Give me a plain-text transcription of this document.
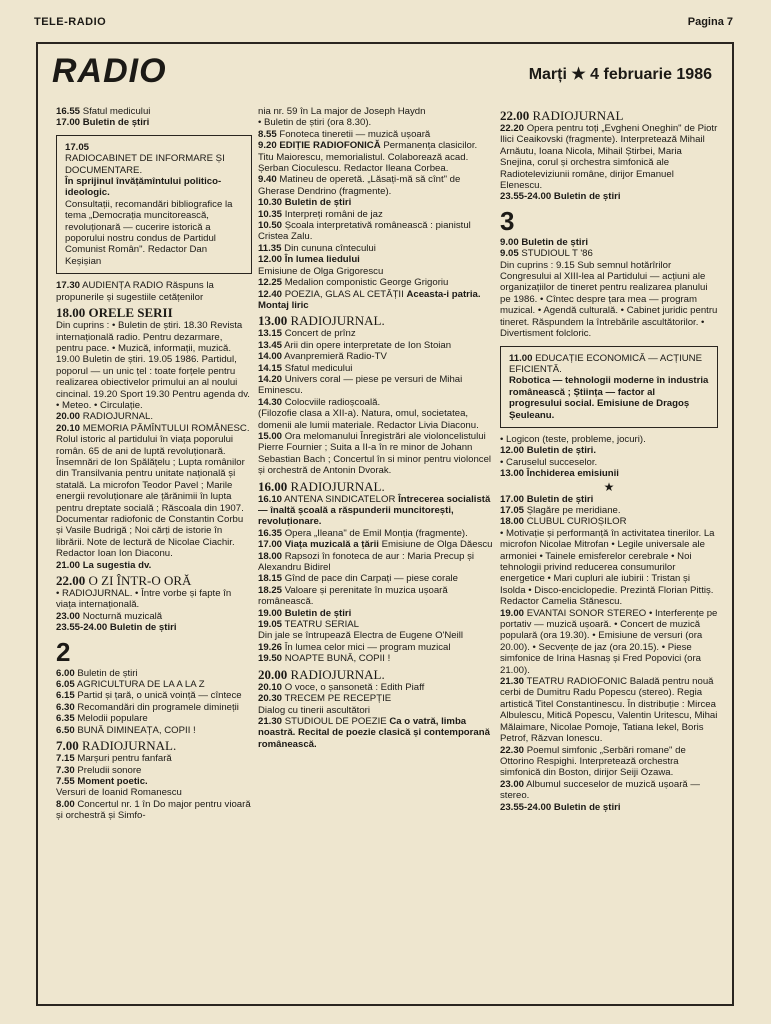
TELE-RADIO	Pagina 7
RADIO	Marți ★ 4 februarie 1986
16.55 Sfatul medicului
17.00 Buletin de știri
17.05
RADIOCABINET DE INFORMARE ȘI DOCUMENTARE.
În sprijinul învățămîntului politico-ideologic.
Consultații, recomandări bibliografice la tema „Democrația muncitorească, revoluționară — cucerire istorică a poporului nostru condus de Partidul Comunist Român". Redactor Dan Keșișian
17.30 AUDIENȚA RADIO Răspuns la propunerile și sugestiile cetățenilor
18.00 ORELE SERII
Din cuprins : • Buletin de știri. 18.30 Revista internațională radio. Pentru dezarmare, pentru pace. • Muzică, informații, muzică. 19.00 Buletin de știri. 19.05 1986. Partidul, poporul — un unic țel : toate forțele pentru realizarea obiectivelor primului an al noului cincinal. 19.20 Sport 19.30 Pentru agenda dv. • Meteo. • Circulație.
20.00 RADIOJURNAL.
20.10 MEMORIA PĂMÎNTULUI ROMÂNESC. Rolul istoric al partidului în viața poporului român. 65 de ani de luptă revoluționară. Însemnări de Ion Spălățelu ; Lupta românilor din Transilvania pentru unitate națională și statală. La microfon Teodor Pavel ; Marile energii revoluționare ale țărănimii în lupta pentru dreptate socială ; Răscoala din 1907. Documentar radiofonic de Constantin Corbu și Vasile Budrigă ; Noi cărți de istorie în librării. Note de lectură de Nicolae Ciachir. Redactor Ioan Ion Diaconu.
21.00 La sugestia dv.
22.00 O ZI ÎNTR-O ORĂ
• RADIOJURNAL. • Între vorbe și fapte în viața internațională.
23.00 Nocturnă muzicală
23.55-24.00 Buletin de știri
2
6.00 Buletin de știri
6.05 AGRICULTURA DE LA A LA Z
6.15 Partid și țară, o unică voință — cîntece
6.30 Recomandări din programele dimineții
6.35 Melodii populare
6.50 BUNĂ DIMINEAȚA, COPII !
7.00 RADIOJURNAL.
7.15 Marșuri pentru fanfară
7.30 Preludii sonore
7.55 Moment poetic.
Versuri de Ioanid Romanescu
8.00 Concertul nr. 1 în Do major pentru vioară și orchestră și Simfo-
nia nr. 59 în La major de Joseph Haydn
• Buletin de știri (ora 8.30).
8.55 Fonoteca tineretii — muzică ușoară
9.20 EDIȚIE RADIOFONICĂ Permanența clasicilor. Titu Maiorescu, memorialistul. Colaborează acad. Șerban Cioculescu. Redactor Ileana Corbea.
9.40 Matineu de operetă. „Lăsați-mă să cînt" de Gherase Dendrino (fragmente).
10.30 Buletin de știri
10.35 Interpreți români de jaz
10.50 Școala interpretativă românească : pianistul Cristea Zalu.
11.35 Din cununa cîntecului
12.00 În lumea liedului
Emisiune de Olga Grigorescu
12.25 Medalion componistic George Grigoriu
12.40 POEZIA, GLAS AL CETĂȚII Aceasta-i patria. Montaj liric
13.00 RADIOJURNAL.
13.15 Concert de prînz
13.45 Arii din opere interpretate de Ion Stoian
14.00 Avanpremieră Radio-TV
14.15 Sfatul medicului
14.20 Univers coral — piese pe versuri de Mihai Eminescu.
14.30 Colocviile radioșcoală.
(Filozofie clasa a XII-a). Natura, omul, societatea, domenii ale lumii materiale. Redactor Livia Diaconu.
15.00 Ora melomanului Înregistrări ale violoncelistului Pierre Fournier ; Suita a II-a în re minor de Johann Sebastian Bach ; Concertul în si minor pentru violoncel și orchestră de Antonin Dvorak.
16.00 RADIOJURNAL.
16.10 ANTENA SINDICATELOR Întrecerea socialistă — înaltă școală a răspunderii muncitorești, revoluționare.
16.35 Opera „Ileana" de Emil Monția (fragmente).
17.00 Viața muzicală a țării Emisiune de Olga Dăescu
18.00 Rapsozi în fonoteca de aur : Maria Precup și Alexandru Bidirel
18.15 Gînd de pace din Carpați — piese corale
18.25 Valoare și perenitate în muzica ușoară românească.
19.00 Buletin de știri
19.05 TEATRU SERIAL
Din jale se întrupează Electra de Eugene O'Neill
19.26 În lumea celor mici — program muzical
19.50 NOAPTE BUNĂ, COPII !
20.00 RADIOJURNAL.
20.10 O voce, o șansonetă : Edith Piaff
20.30 TRECEM PE RECEPȚIE
Dialog cu tinerii ascultători
21.30 STUDIOUL DE POEZIE Ca o vatră, limba noastră. Recital de poezie clasică și contemporană românească.
22.00 RADIOJURNAL
22.20 Opera pentru toți „Evgheni Oneghin" de Piotr Ilici Ceaikovski (fragmente). Interpretează Mihail Arnăutu, Ioana Nicola, Mihail Știrbei, Maria Snejina, corul și orchestra simfonică ale Radioteleviziunii române, dirijor Emanuel Elenescu.
23.55-24.00 Buletin de știri
3
9.00 Buletin de știri
9.05 STUDIOUL T '86
Din cuprins : 9.15 Sub semnul hotărîrilor Congresului al XIII-lea al Partidului — acțiuni ale organizațiilor de tineret pentru realizarea planului pe 1986. • Cîntec despre țara mea — program muzical. • Agendă culturală. • Cabinet juridic pentru tineret. Răspundem la întrebările ascultătorilor. • Divertisment folcloric.
11.00 EDUCAȚIE ECONOMICĂ — ACȚIUNE EFICIENTĂ.
Robotica — tehnologii moderne în industria românească ; Știința — factor al progresului social. Emisiune de Dragoș Șeuleanu.
• Logicon (teste, probleme, jocuri).
12.00 Buletin de știri.
• Caruselul succeselor.
13.00 Închiderea emisiunii
★
17.00 Buletin de știri
17.05 Șlagăre pe meridiane.
18.00 CLUBUL CURIOȘILOR
• Motivație și performanță în activitatea tinerilor. La microfon Nicolae Mitrofan • Legile universale ale armoniei • Tainele emisferelor cerebrale • Noi tehnologii privind reducerea consumurilor energetice • Mari cupluri ale iubirii : Tristan și Isolda • Disco-enciclopedie. Prezintă Florian Pittiș. Redactor Camelia Stănescu.
19.00 EVANTAI SONOR STEREO • Interferențe pe portativ — muzică ușoară. • Concert de muzică populară (ora 19.30). • Emisiune de versuri (ora 20.00). • Secvențe de jaz (ora 20.15). • Piese simfonice de Irina Hasnaș și Fred Popovici (ora 21.00).
21.30 TEATRU RADIOFONIC Baladă pentru nouă cerbi de Dumitru Radu Popescu (stereo). Regia artistică Titel Constantinescu. În distribuție : Mircea Albulescu, Mitică Popescu, Valentin Uritescu, Mihai Mălaimare, Nicolae Pomoje, Tatiana Iekel, Boris Petrof, Răzvan Ionescu.
22.30 Poemul simfonic „Serbări romane" de Ottorino Respighi. Interpretează orchestra simfonică din Boston, dirijor Seiji Ozawa.
23.00 Albumul succeselor de muzică ușoară — stereo.
23.55-24.00 Buletin de știri
